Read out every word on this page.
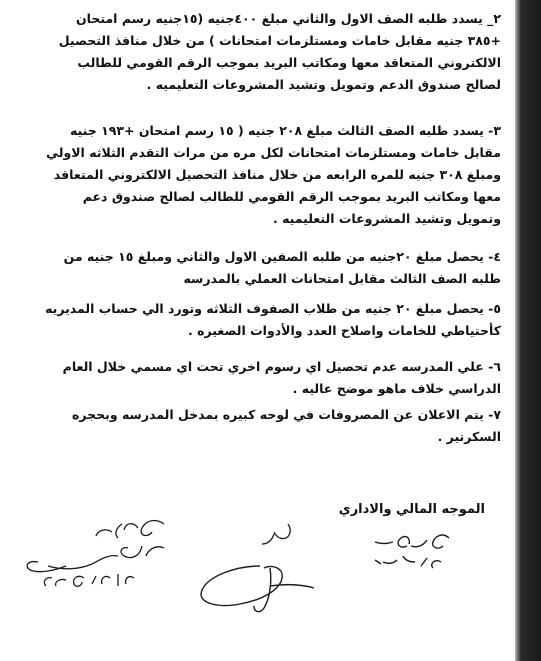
٢_ يسدد طلبه الصف الاول والثاني مبلغ ٤٠٠جنيه (١٥جنيه رسم امتحان +٣٨٥ جنيه مقابل خامات ومستلزمات امتحانات ) من خلال منافذ التحصيل الالكتروني المتعاقد معها ومكاتب البريد بموجب الرقم القومي للطالب لصالح صندوق الدعم وتمويل وتشيد المشروعات التعليميه .
٣- يسدد طلبه الصف الثالث مبلغ ٢٠٨ جنيه ( ١٥ رسم امتحان +١٩٣ جنيه مقابل خامات ومستلزمات امتحانات لكل مره من مرات التقدم الثلاثه الاولي ومبلغ ٣٠٨ جنيه للمره الرابعه من خلال منافذ التحصيل الالكتروني المتعاقد معها ومكاتب البريد بموجب الرقم القومي للطالب لصالح صندوق دعم وتمويل وتشيد المشروعات التعليميه .
٤- يحصل مبلغ ٢٠جنيه من طلبه الصفين الاول والثاني ومبلغ ١٥ جنيه من طلبه الصف الثالث مقابل امتحانات العملي بالمدرسه
٥- يحصل مبلغ ٢٠ جنيه من طلاب الصفوف الثلاثه وتورد الي حساب المديريه كأحتياطي للخامات واصلاح العدد والأدوات الصغيره .
٦- علي المدرسه عدم تحصيل اي رسوم اخري تحت اي مسمي خلال العام الدراسي خلاف ماهو موضح عاليه .
٧- يتم الاعلان عن المصروفات في لوحه كبيره بمدخل المدرسه وبحجره السكرتير .
الموجه المالي والاداري
